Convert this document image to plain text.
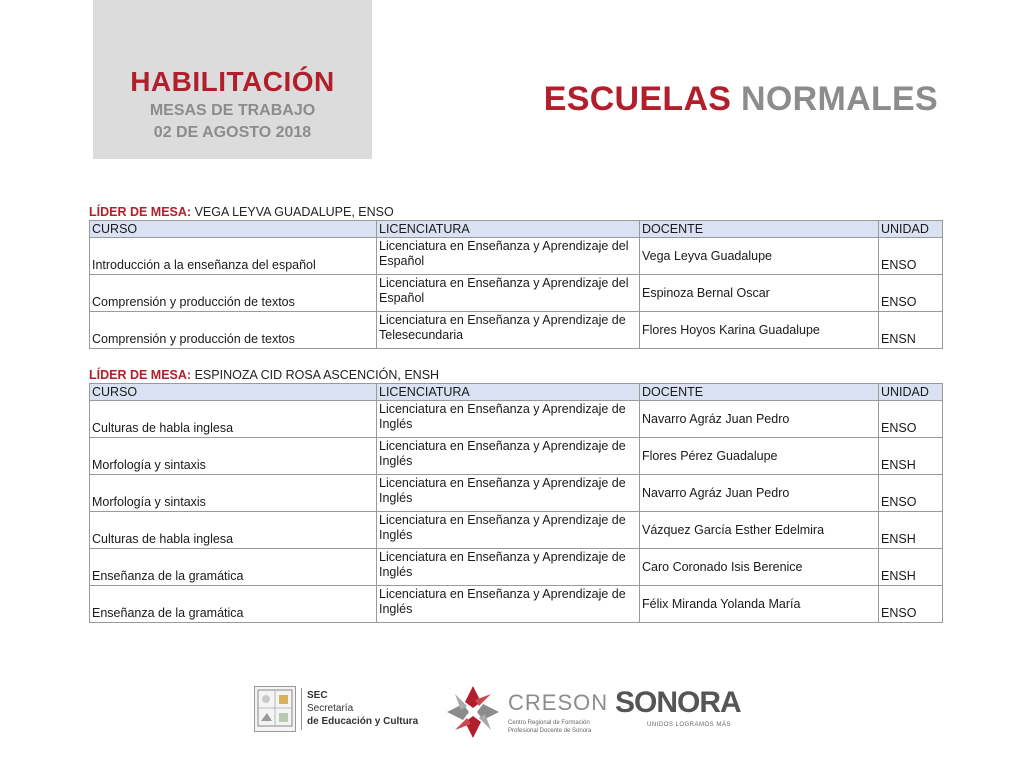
HABILITACIÓN
MESAS DE TRABAJO
02 DE AGOSTO 2018
ESCUELAS NORMALES
LÍDER DE MESA: VEGA LEYVA GUADALUPE, ENSO
CURSO	LICENCIATURA	DOCENTE	UNIDAD
Introducción a la enseñanza del español	Licenciatura en Enseñanza y Aprendizaje del Español	Vega Leyva Guadalupe	ENSO
Comprensión y producción de textos	Licenciatura en Enseñanza y Aprendizaje del Español	Espinoza Bernal Oscar	ENSO
Comprensión y producción de textos	Licenciatura en Enseñanza y Aprendizaje de Telesecundaria	Flores Hoyos Karina Guadalupe	ENSN
LÍDER DE MESA: ESPINOZA CID ROSA ASCENCIÓN, ENSH
CURSO	LICENCIATURA	DOCENTE	UNIDAD
Culturas de habla inglesa	Licenciatura en Enseñanza y Aprendizaje de Inglés	Navarro Agráz Juan Pedro	ENSO
Morfología y sintaxis	Licenciatura en Enseñanza y Aprendizaje de Inglés	Flores Pérez Guadalupe	ENSH
Morfología y sintaxis	Licenciatura en Enseñanza y Aprendizaje de Inglés	Navarro Agráz Juan Pedro	ENSO
Culturas de habla inglesa	Licenciatura en Enseñanza y Aprendizaje de Inglés	Vázquez García Esther Edelmira	ENSH
Enseñanza de la gramática	Licenciatura en Enseñanza y Aprendizaje de Inglés	Caro Coronado Isis Berenice	ENSH
Enseñanza de la gramática	Licenciatura en Enseñanza y Aprendizaje de Inglés	Félix Miranda Yolanda María	ENSO
SEC
Secretaría
de Educación y Cultura
CRESON
Centro Regional de Formación Profesional Docente de Sonora
SONORA
UNIDOS LOGRAMOS MÁS
